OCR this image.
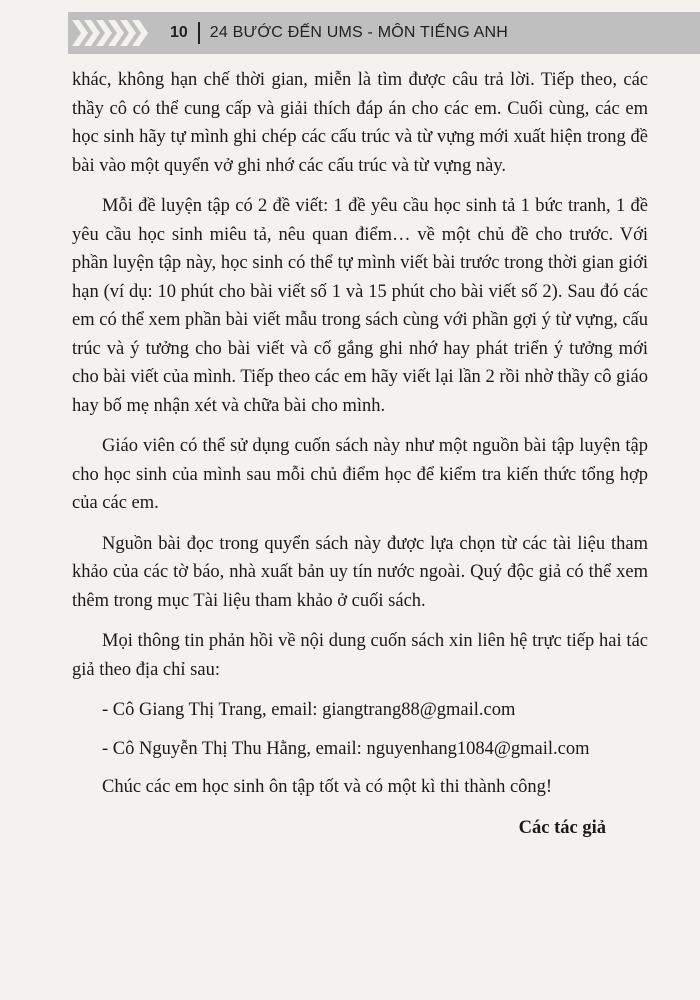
10 24 BƯỚC ĐẾN UMS - MÔN TIẾNG ANH

khác, không hạn chế thời gian, miễn là tìm được câu trả lời. Tiếp theo, các thầy cô có thể cung cấp và giải thích đáp án cho các em. Cuối cùng, các em học sinh hãy tự mình ghi chép các cấu trúc và từ vựng mới xuất hiện trong đề bài vào một quyển vở ghi nhớ các cấu trúc và từ vựng này.

Mỗi đề luyện tập có 2 đề viết: 1 đề yêu cầu học sinh tả 1 bức tranh, 1 đề yêu cầu học sinh miêu tả, nêu quan điểm… về một chủ đề cho trước. Với phần luyện tập này, học sinh có thể tự mình viết bài trước trong thời gian giới hạn (ví dụ: 10 phút cho bài viết số 1 và 15 phút cho bài viết số 2). Sau đó các em có thể xem phần bài viết mẫu trong sách cùng với phần gợi ý từ vựng, cấu trúc và ý tưởng cho bài viết và cố gắng ghi nhớ hay phát triển ý tưởng mới cho bài viết của mình. Tiếp theo các em hãy viết lại lần 2 rồi nhờ thầy cô giáo hay bố mẹ nhận xét và chữa bài cho mình.

Giáo viên có thể sử dụng cuốn sách này như một nguồn bài tập luyện tập cho học sinh của mình sau mỗi chủ điểm học để kiểm tra kiến thức tổng hợp của các em.

Nguồn bài đọc trong quyển sách này được lựa chọn từ các tài liệu tham khảo của các tờ báo, nhà xuất bản uy tín nước ngoài. Quý độc giả có thể xem thêm trong mục Tài liệu tham khảo ở cuối sách.

Mọi thông tin phản hồi về nội dung cuốn sách xin liên hệ trực tiếp hai tác giả theo địa chỉ sau:

- Cô Giang Thị Trang, email: giangtrang88@gmail.com

- Cô Nguyễn Thị Thu Hằng, email: nguyenhang1084@gmail.com

Chúc các em học sinh ôn tập tốt và có một kì thi thành công!

Các tác giả
